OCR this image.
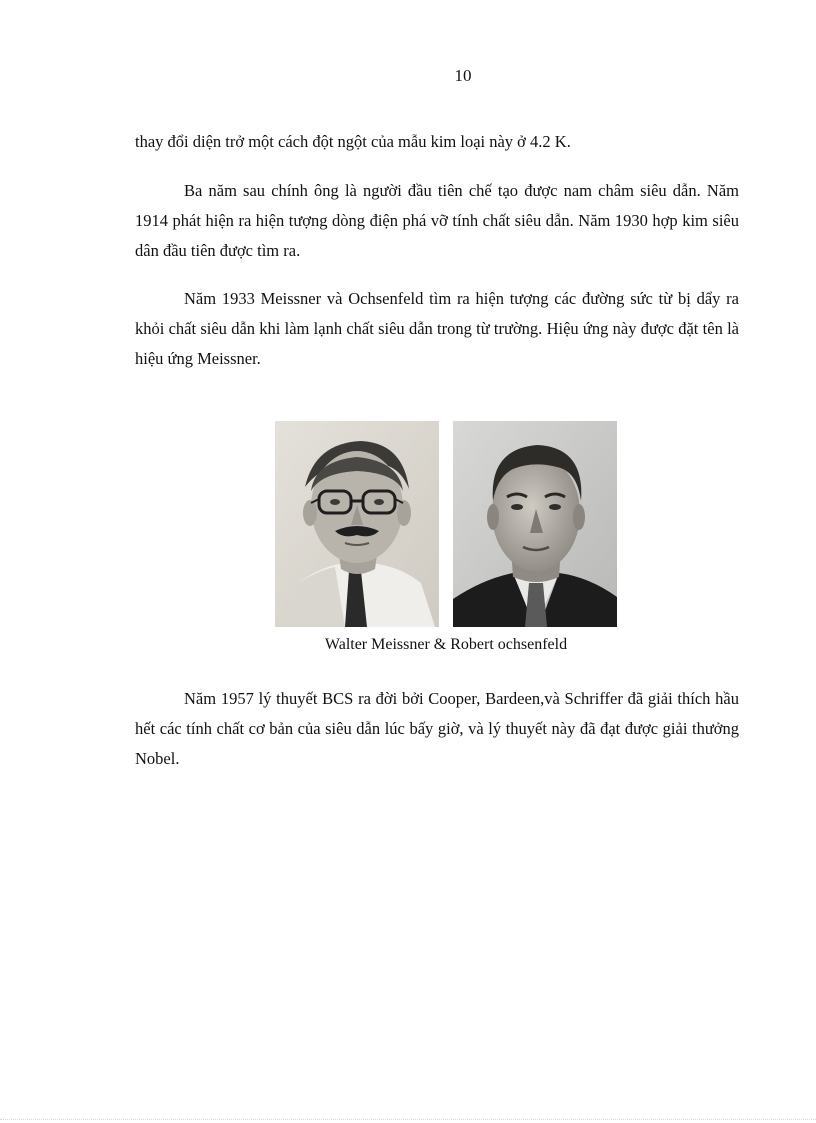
10

thay đổi diện trở một cách đột ngột của mẫu kim loại này ở 4.2 K.

Ba năm sau chính ông là người đầu tiên chế tạo được nam châm siêu dẫn. Năm 1914 phát hiện ra hiện tượng dòng điện phá vỡ tính chất siêu dẫn. Năm 1930 hợp kim siêu dân đầu tiên được tìm ra.

Năm 1933 Meissner và Ochsenfeld tìm ra hiện tượng các đường sức từ bị dẩy ra khỏi chất siêu dẫn khi làm lạnh chất siêu dẫn trong từ trường. Hiệu ứng này được đặt tên là hiệu ứng Meissner.

Walter Meissner & Robert ochsenfeld

Năm 1957 lý thuyết BCS ra đời bởi Cooper, Bardeen,và Schriffer đã giải thích hầu hết các tính chất cơ bản của siêu dẫn lúc bấy giờ, và lý thuyết này đã đạt được giải thưởng Nobel.
